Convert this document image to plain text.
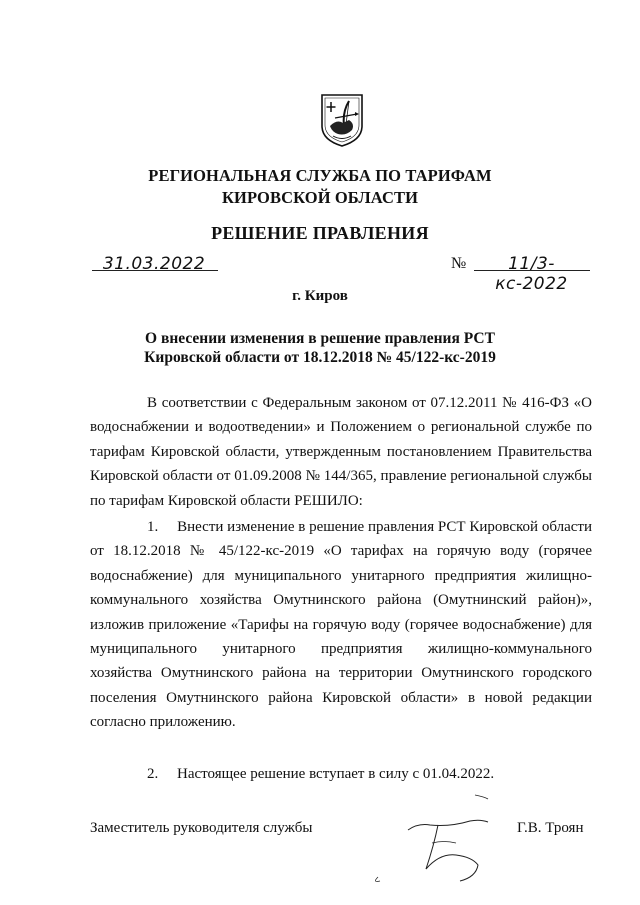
РЕГИОНАЛЬНАЯ СЛУЖБА ПО ТАРИФАМ
КИРОВСКОЙ ОБЛАСТИ
РЕШЕНИЕ ПРАВЛЕНИЯ
31.03.2022	№	11/3-кс-2022
г. Киров
О внесении изменения в решение правления РСТ
Кировской области от 18.12.2018 № 45/122-кс-2019
В соответствии с Федеральным законом от 07.12.2011 № 416-ФЗ «О водоснабжении и водоотведении» и Положением о региональной службе по тарифам Кировской области, утвержденным постановлением Правительства Кировской области от 01.09.2008 № 144/365, правление региональной службы по тарифам Кировской области РЕШИЛО:
1. Внести изменение в решение правления РСТ Кировской области от 18.12.2018 № 45/122-кс-2019 «О тарифах на горячую воду (горячее водоснабжение) для муниципального унитарного предприятия жилищно-коммунального хозяйства Омутнинского района (Омутнинский район)», изложив приложение «Тарифы на горячую воду (горячее водоснабжение) для муниципального унитарного предприятия жилищно-коммунального хозяйства Омутнинского района на территории Омутнинского городского поселения Омутнинского района Кировской области» в новой редакции согласно приложению.
2. Настоящее решение вступает в силу с 01.04.2022.
Заместитель руководителя службы	Г.В. Троян
